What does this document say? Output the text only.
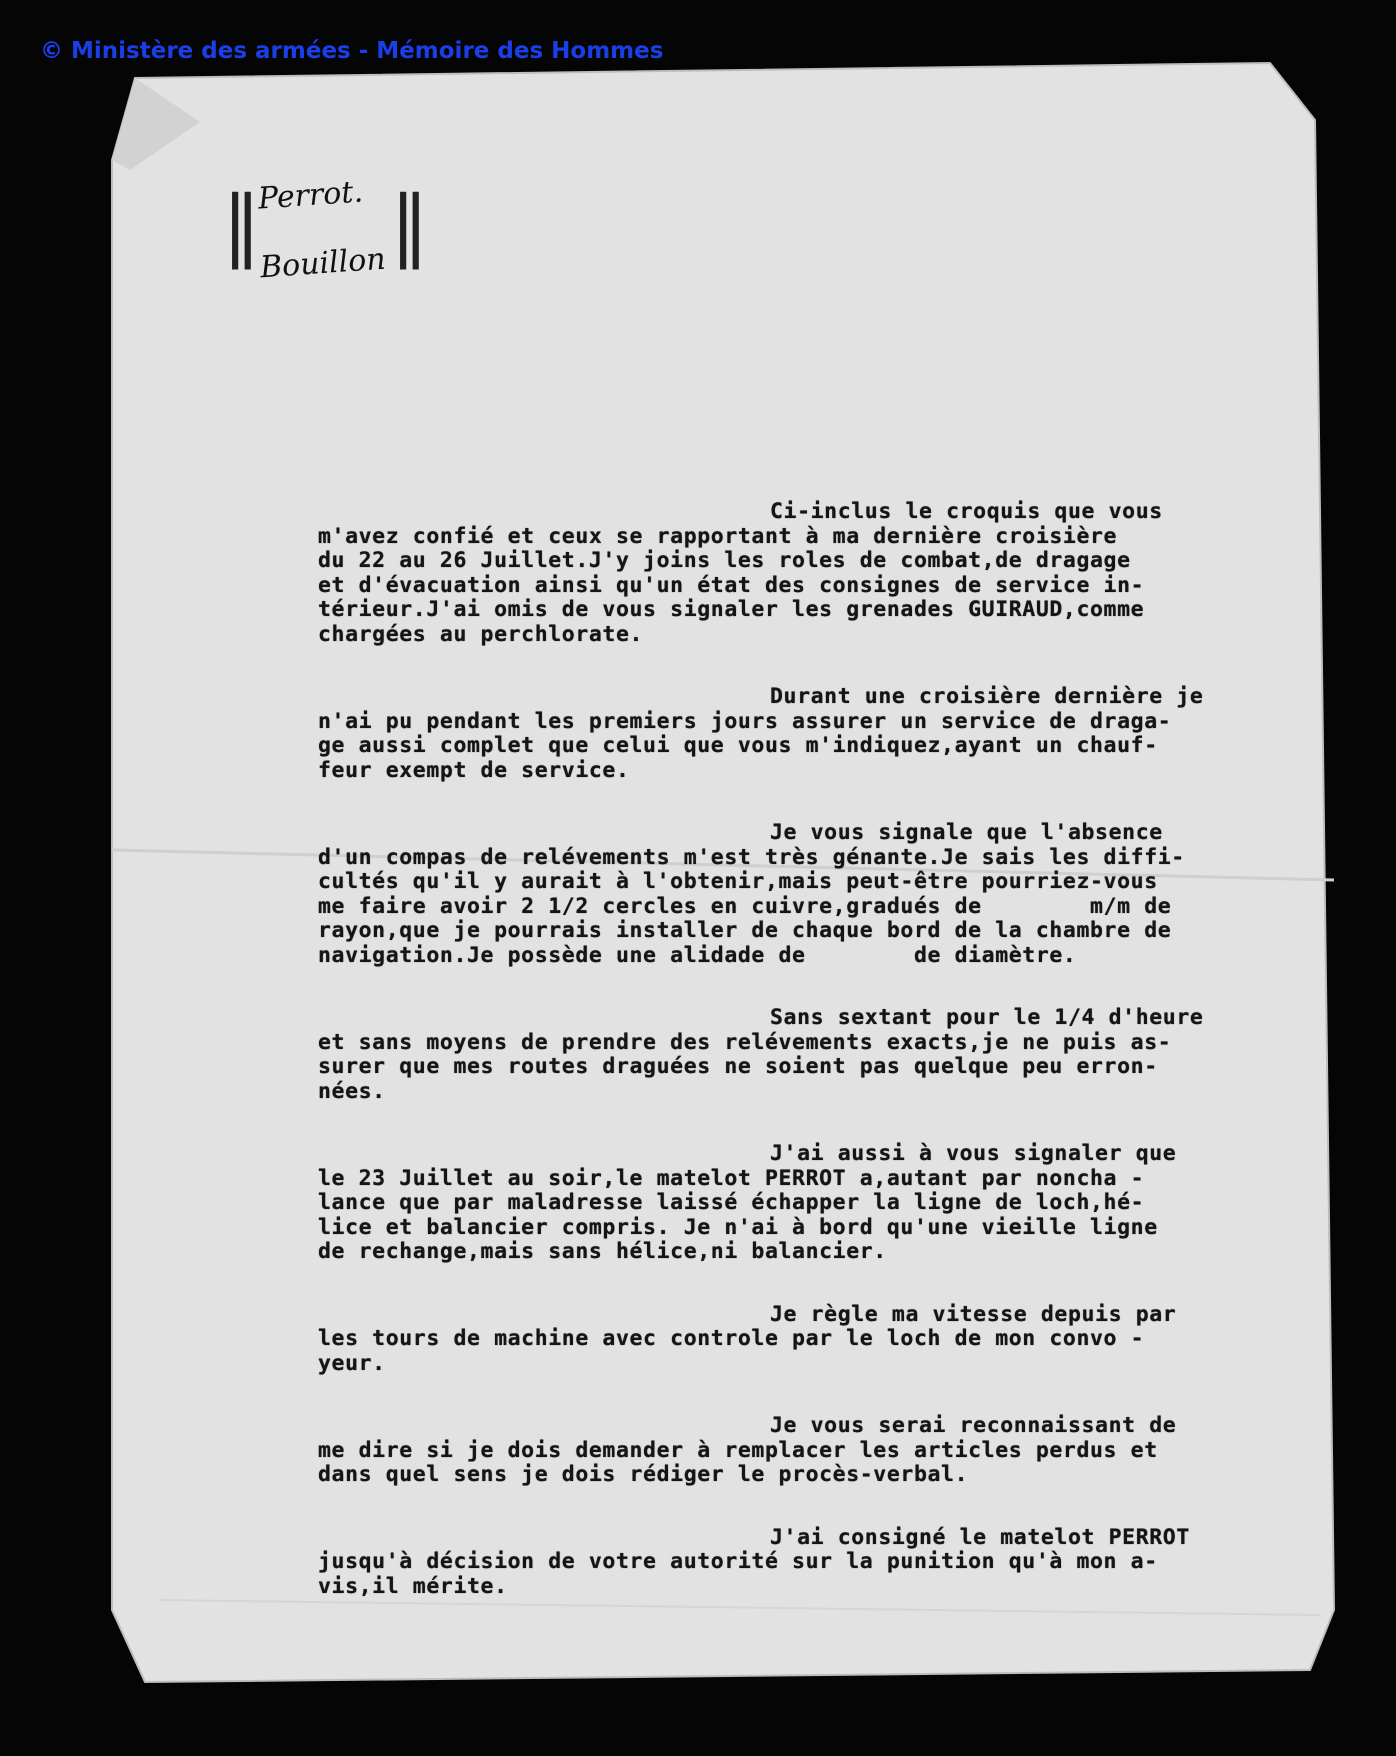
© Ministère des armées - Mémoire des Hommes
‖ ‖
Perrot.
Bouillon
Ci-inclus le croquis que vous
m'avez confié et ceux se rapportant à ma dernière croisière
du 22 au 26 Juillet.J'y joins les roles de combat,de dragage
et d'évacuation ainsi qu'un état des consignes de service in-
térieur.J'ai omis de vous signaler les grenades GUIRAUD,comme
chargées au perchlorate.
Durant une croisière dernière je
n'ai pu pendant les premiers jours assurer un service de draga-
ge aussi complet que celui que vous m'indiquez,ayant un chauf-
feur exempt de service.
Je vous signale que l'absence
d'un compas de relévements m'est très génante.Je sais les diffi-
cultés qu'il y aurait à l'obtenir,mais peut-être pourriez-vous
me faire avoir 2 1/2 cercles en cuivre,gradués de        m/m de
rayon,que je pourrais installer de chaque bord de la chambre de
navigation.Je possède une alidade de        de diamètre.
Sans sextant pour le 1/4 d'heure
et sans moyens de prendre des relévements exacts,je ne puis as-
surer que mes routes draguées ne soient pas quelque peu erron-
nées.
J'ai aussi à vous signaler que
le 23 Juillet au soir,le matelot PERROT a,autant par noncha -
lance que par maladresse laissé échapper la ligne de loch,hé-
lice et balancier compris. Je n'ai à bord qu'une vieille ligne
de rechange,mais sans hélice,ni balancier.
Je règle ma vitesse depuis par
les tours de machine avec controle par le loch de mon convo -
yeur.
Je vous serai reconnaissant de
me dire si je dois demander à remplacer les articles perdus et
dans quel sens je dois rédiger le procès-verbal.
J'ai consigné le matelot PERROT
jusqu'à décision de votre autorité sur la punition qu'à mon a-
vis,il mérite.
